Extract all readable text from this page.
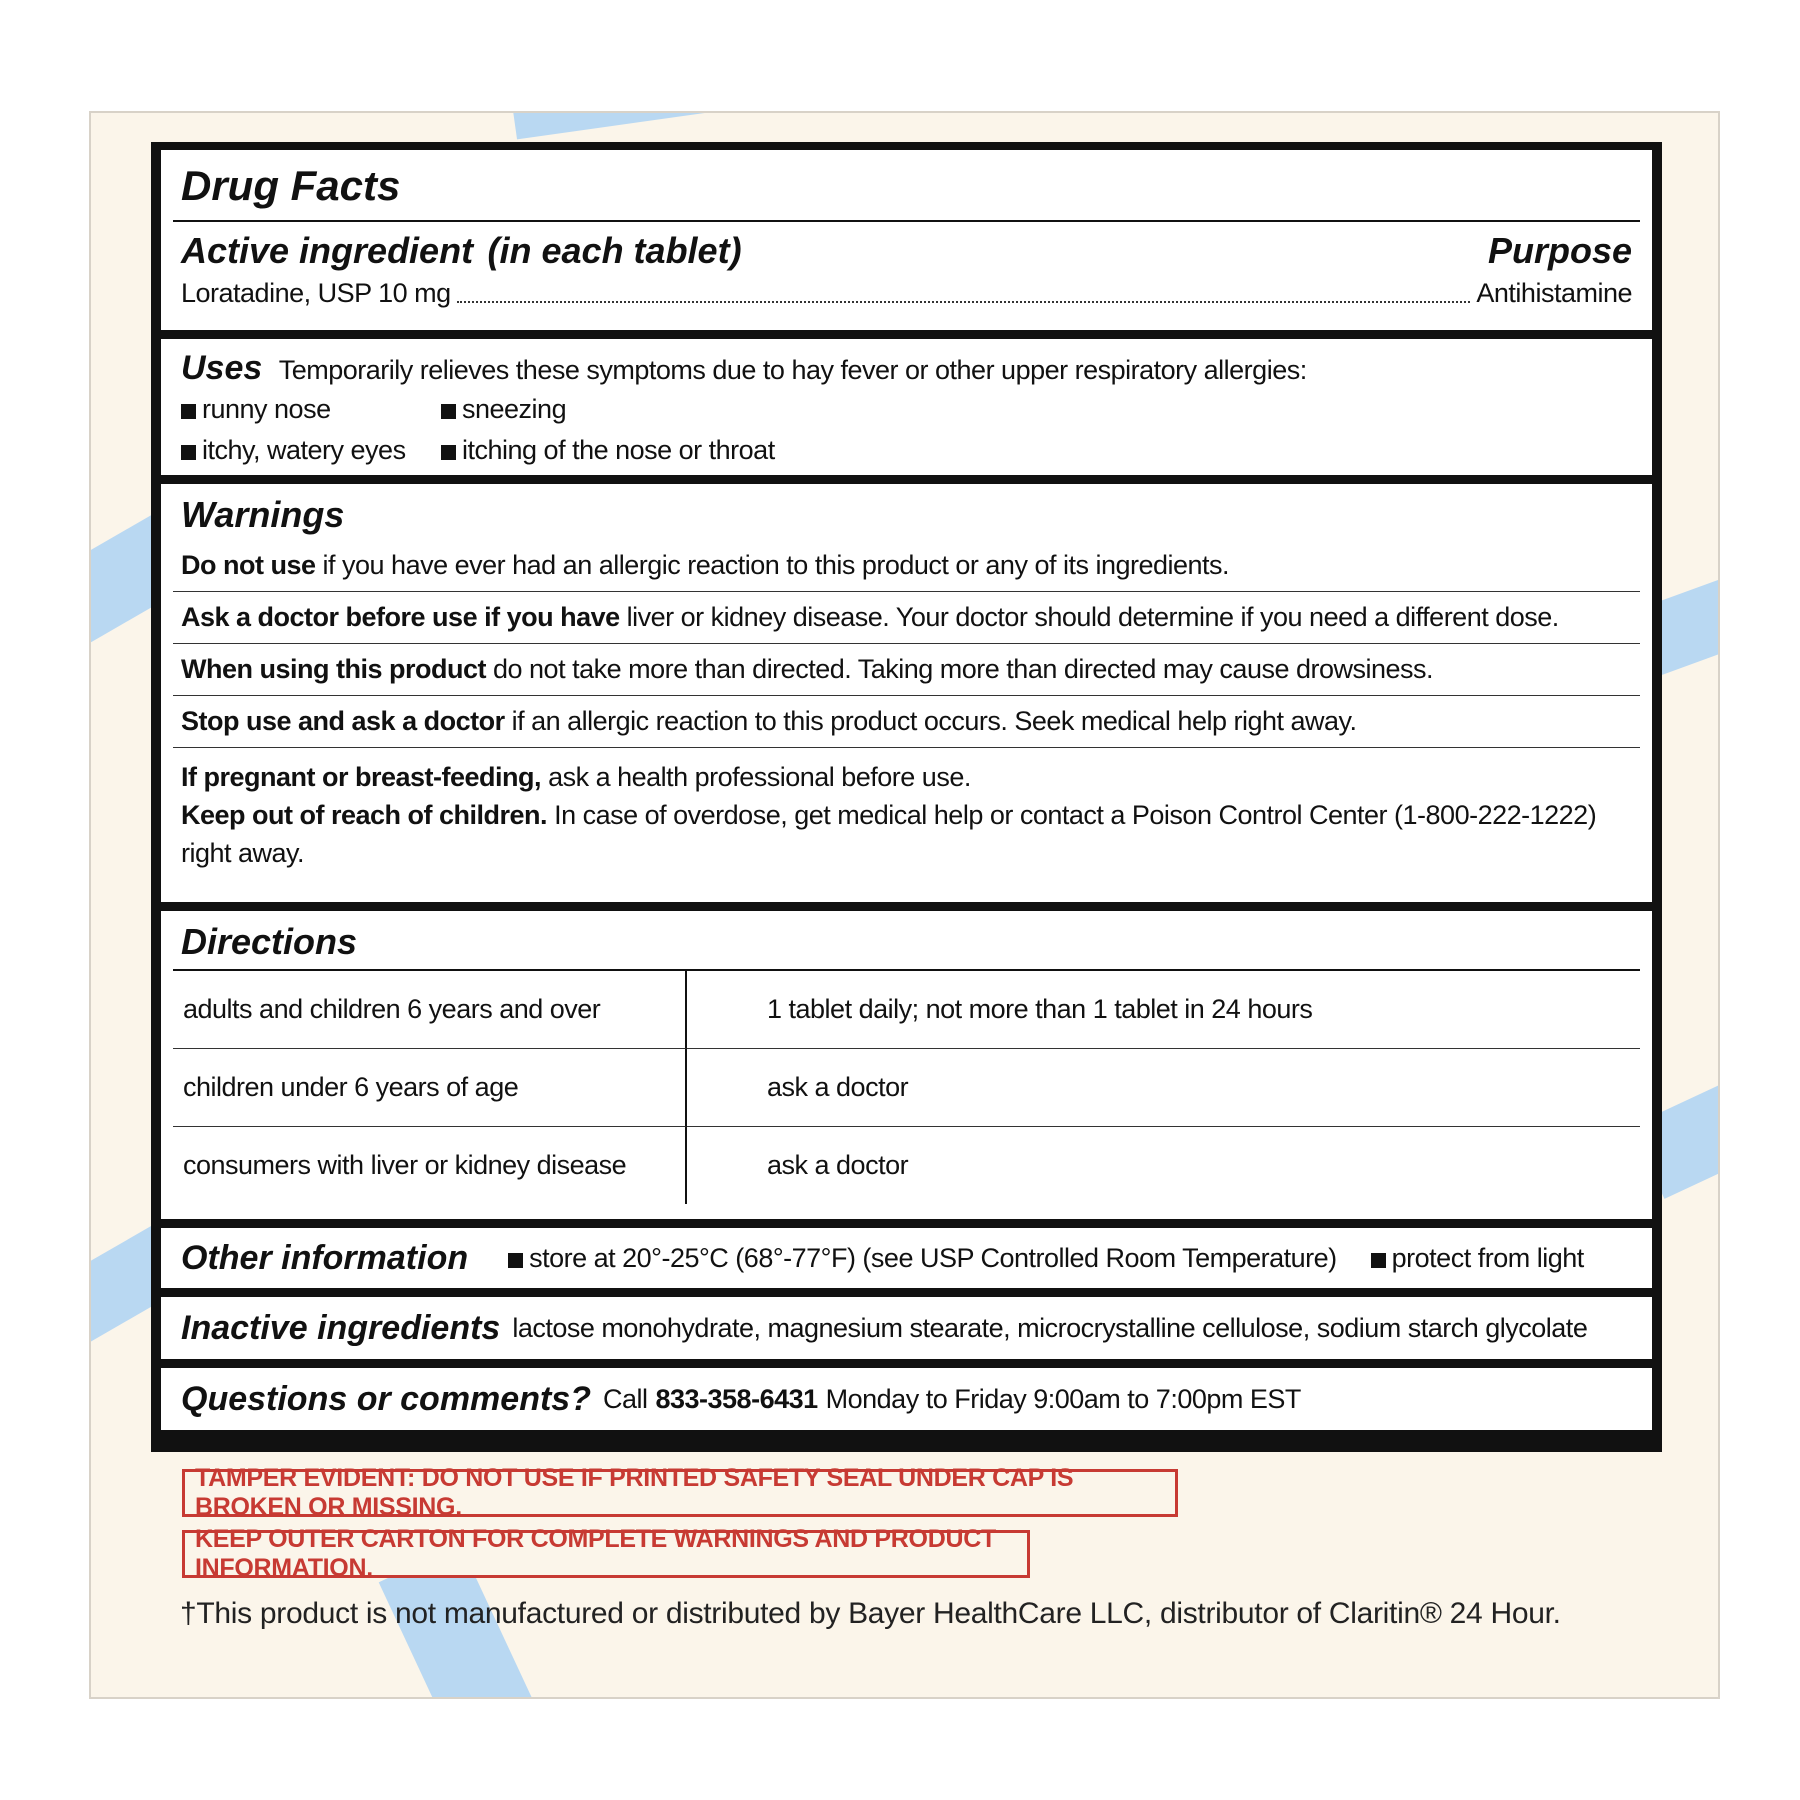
Drug Facts
Active ingredient (in each tablet)	Purpose
Loratadine, USP 10 mg	Antihistamine
Uses Temporarily relieves these symptoms due to hay fever or other upper respiratory allergies:
runny nose	sneezing
itchy, watery eyes	itching of the nose or throat
Warnings
Do not use if you have ever had an allergic reaction to this product or any of its ingredients.
Ask a doctor before use if you have liver or kidney disease. Your doctor should determine if you need a different dose.
When using this product do not take more than directed. Taking more than directed may cause drowsiness.
Stop use and ask a doctor if an allergic reaction to this product occurs. Seek medical help right away.
If pregnant or breast-feeding, ask a health professional before use.
Keep out of reach of children. In case of overdose, get medical help or contact a Poison Control Center (1-800-222-1222)
right away.
Directions
adults and children 6 years and over	1 tablet daily; not more than 1 tablet in 24 hours
children under 6 years of age	ask a doctor
consumers with liver or kidney disease	ask a doctor
Other information	store at 20°-25°C (68°-77°F) (see USP Controlled Room Temperature)	protect from light
Inactive ingredients lactose monohydrate, magnesium stearate, microcrystalline cellulose, sodium starch glycolate
Questions or comments? Call 833-358-6431 Monday to Friday 9:00am to 7:00pm EST
TAMPER EVIDENT: DO NOT USE IF PRINTED SAFETY SEAL UNDER CAP IS BROKEN OR MISSING.
KEEP OUTER CARTON FOR COMPLETE WARNINGS AND PRODUCT INFORMATION.
†This product is not manufactured or distributed by Bayer HealthCare LLC, distributor of Claritin® 24 Hour.
